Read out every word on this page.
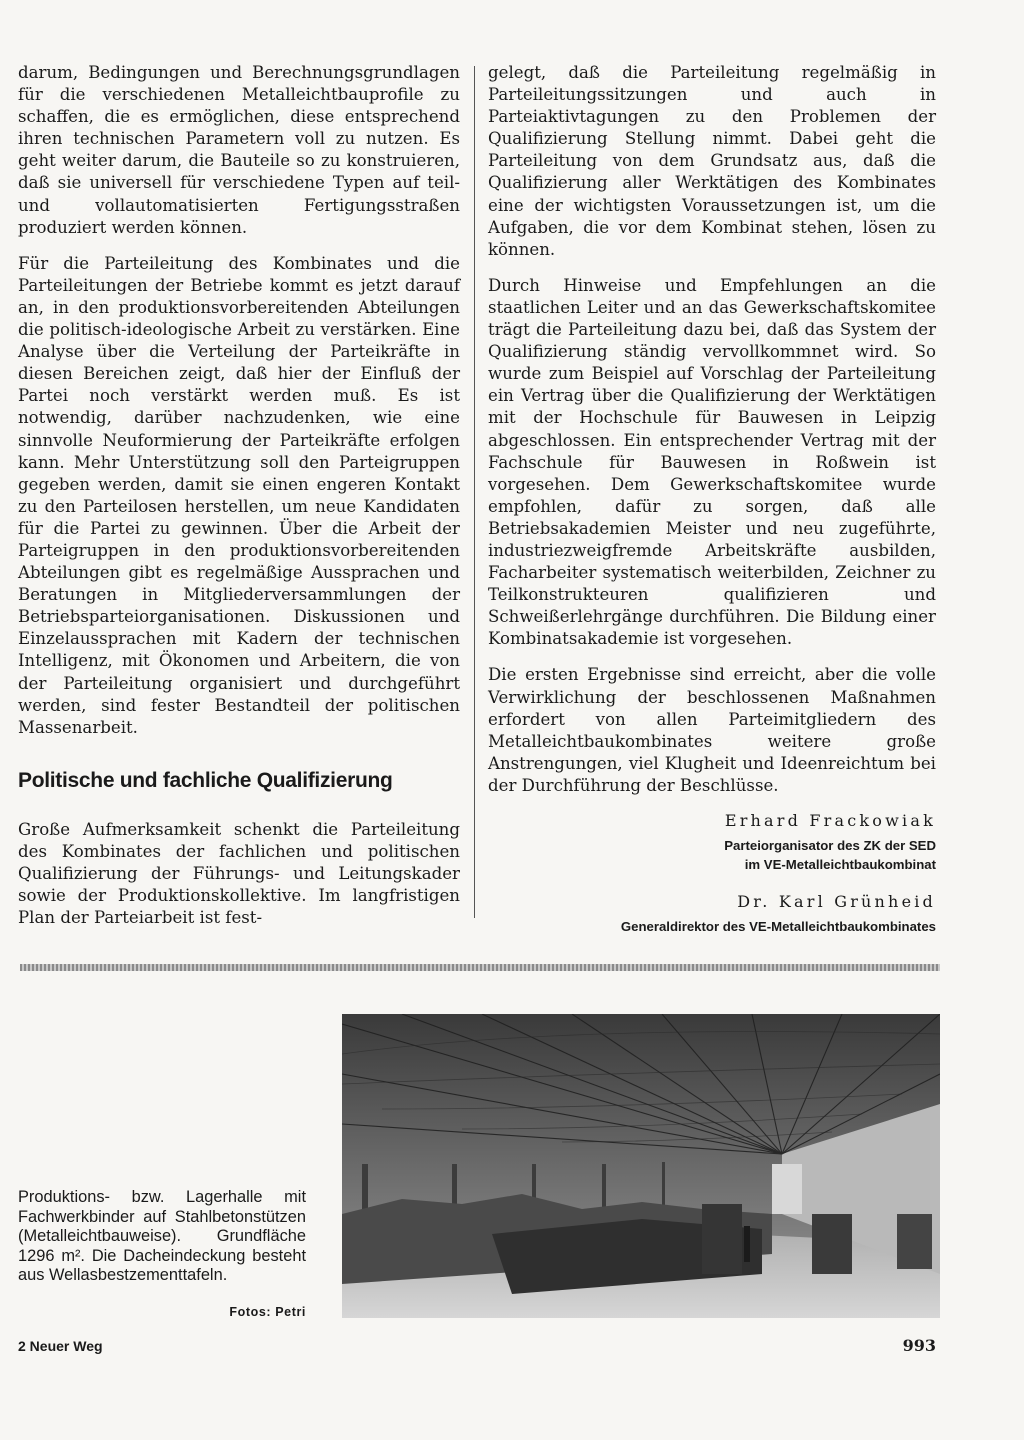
darum, Bedingungen und Berechnungsgrundlagen für die verschiedenen Metalleichtbauprofile zu schaffen, die es ermöglichen, diese entsprechend ihren technischen Parametern voll zu nutzen. Es geht weiter darum, die Bauteile so zu konstruieren, daß sie universell für verschiedene Typen auf teil- und vollautomatisierten Fertigungsstraßen produziert werden können.

Für die Parteileitung des Kombinates und die Parteileitungen der Betriebe kommt es jetzt darauf an, in den produktionsvorbereitenden Abteilungen die politisch-ideologische Arbeit zu verstärken. Eine Analyse über die Verteilung der Parteikräfte in diesen Bereichen zeigt, daß hier der Einfluß der Partei noch verstärkt werden muß. Es ist notwendig, darüber nachzudenken, wie eine sinnvolle Neuformierung der Parteikräfte erfolgen kann. Mehr Unterstützung soll den Parteigruppen gegeben werden, damit sie einen engeren Kontakt zu den Parteilosen herstellen, um neue Kandidaten für die Partei zu gewinnen. Über die Arbeit der Parteigruppen in den produktionsvorbereitenden Abteilungen gibt es regelmäßige Aussprachen und Beratungen in Mitgliederversammlungen der Betriebsparteiorganisationen. Diskussionen und Einzelaussprachen mit Kadern der technischen Intelligenz, mit Ökonomen und Arbeitern, die von der Parteileitung organisiert und durchgeführt werden, sind fester Bestandteil der politischen Massenarbeit.

Politische und fachliche Qualifizierung

Große Aufmerksamkeit schenkt die Parteileitung des Kombinates der fachlichen und politischen Qualifizierung der Führungs- und Leitungskader sowie der Produktionskollektive. Im langfristigen Plan der Parteiarbeit ist fest-

gelegt, daß die Parteileitung regelmäßig in Parteileitungssitzungen und auch in Parteiaktivtagungen zu den Problemen der Qualifizierung Stellung nimmt. Dabei geht die Parteileitung von dem Grundsatz aus, daß die Qualifizierung aller Werktätigen des Kombinates eine der wichtigsten Voraussetzungen ist, um die Aufgaben, die vor dem Kombinat stehen, lösen zu können.

Durch Hinweise und Empfehlungen an die staatlichen Leiter und an das Gewerkschaftskomitee trägt die Parteileitung dazu bei, daß das System der Qualifizierung ständig vervollkommnet wird. So wurde zum Beispiel auf Vorschlag der Parteileitung ein Vertrag über die Qualifizierung der Werktätigen mit der Hochschule für Bauwesen in Leipzig abgeschlossen. Ein entsprechender Vertrag mit der Fachschule für Bauwesen in Roßwein ist vorgesehen. Dem Gewerkschaftskomitee wurde empfohlen, dafür zu sorgen, daß alle Betriebsakademien Meister und neu zugeführte, industriezweigfremde Arbeitskräfte ausbilden, Facharbeiter systematisch weiterbilden, Zeichner zu Teilkonstrukteuren qualifizieren und Schweißerlehrgänge durchführen. Die Bildung einer Kombinatsakademie ist vorgesehen.

Die ersten Ergebnisse sind erreicht, aber die volle Verwirklichung der beschlossenen Maßnahmen erfordert von allen Parteimitgliedern des Metalleichtbaukombinates weitere große Anstrengungen, viel Klugheit und Ideenreichtum bei der Durchführung der Beschlüsse.

Erhard Frackowiak

Parteiorganisator des ZK der SED

im VE-Metalleichtbaukombinat

Dr. Karl Grünheid

Generaldirektor des VE-Metalleichtbaukombinates

Produktions- bzw. Lagerhalle mit Fachwerkbinder auf Stahlbetonstützen (Metalleichtbauweise). Grundfläche 1296 m². Die Dacheindeckung besteht aus Wellasbestzementtafeln.

Fotos: Petri
2 Neuer Weg	993
